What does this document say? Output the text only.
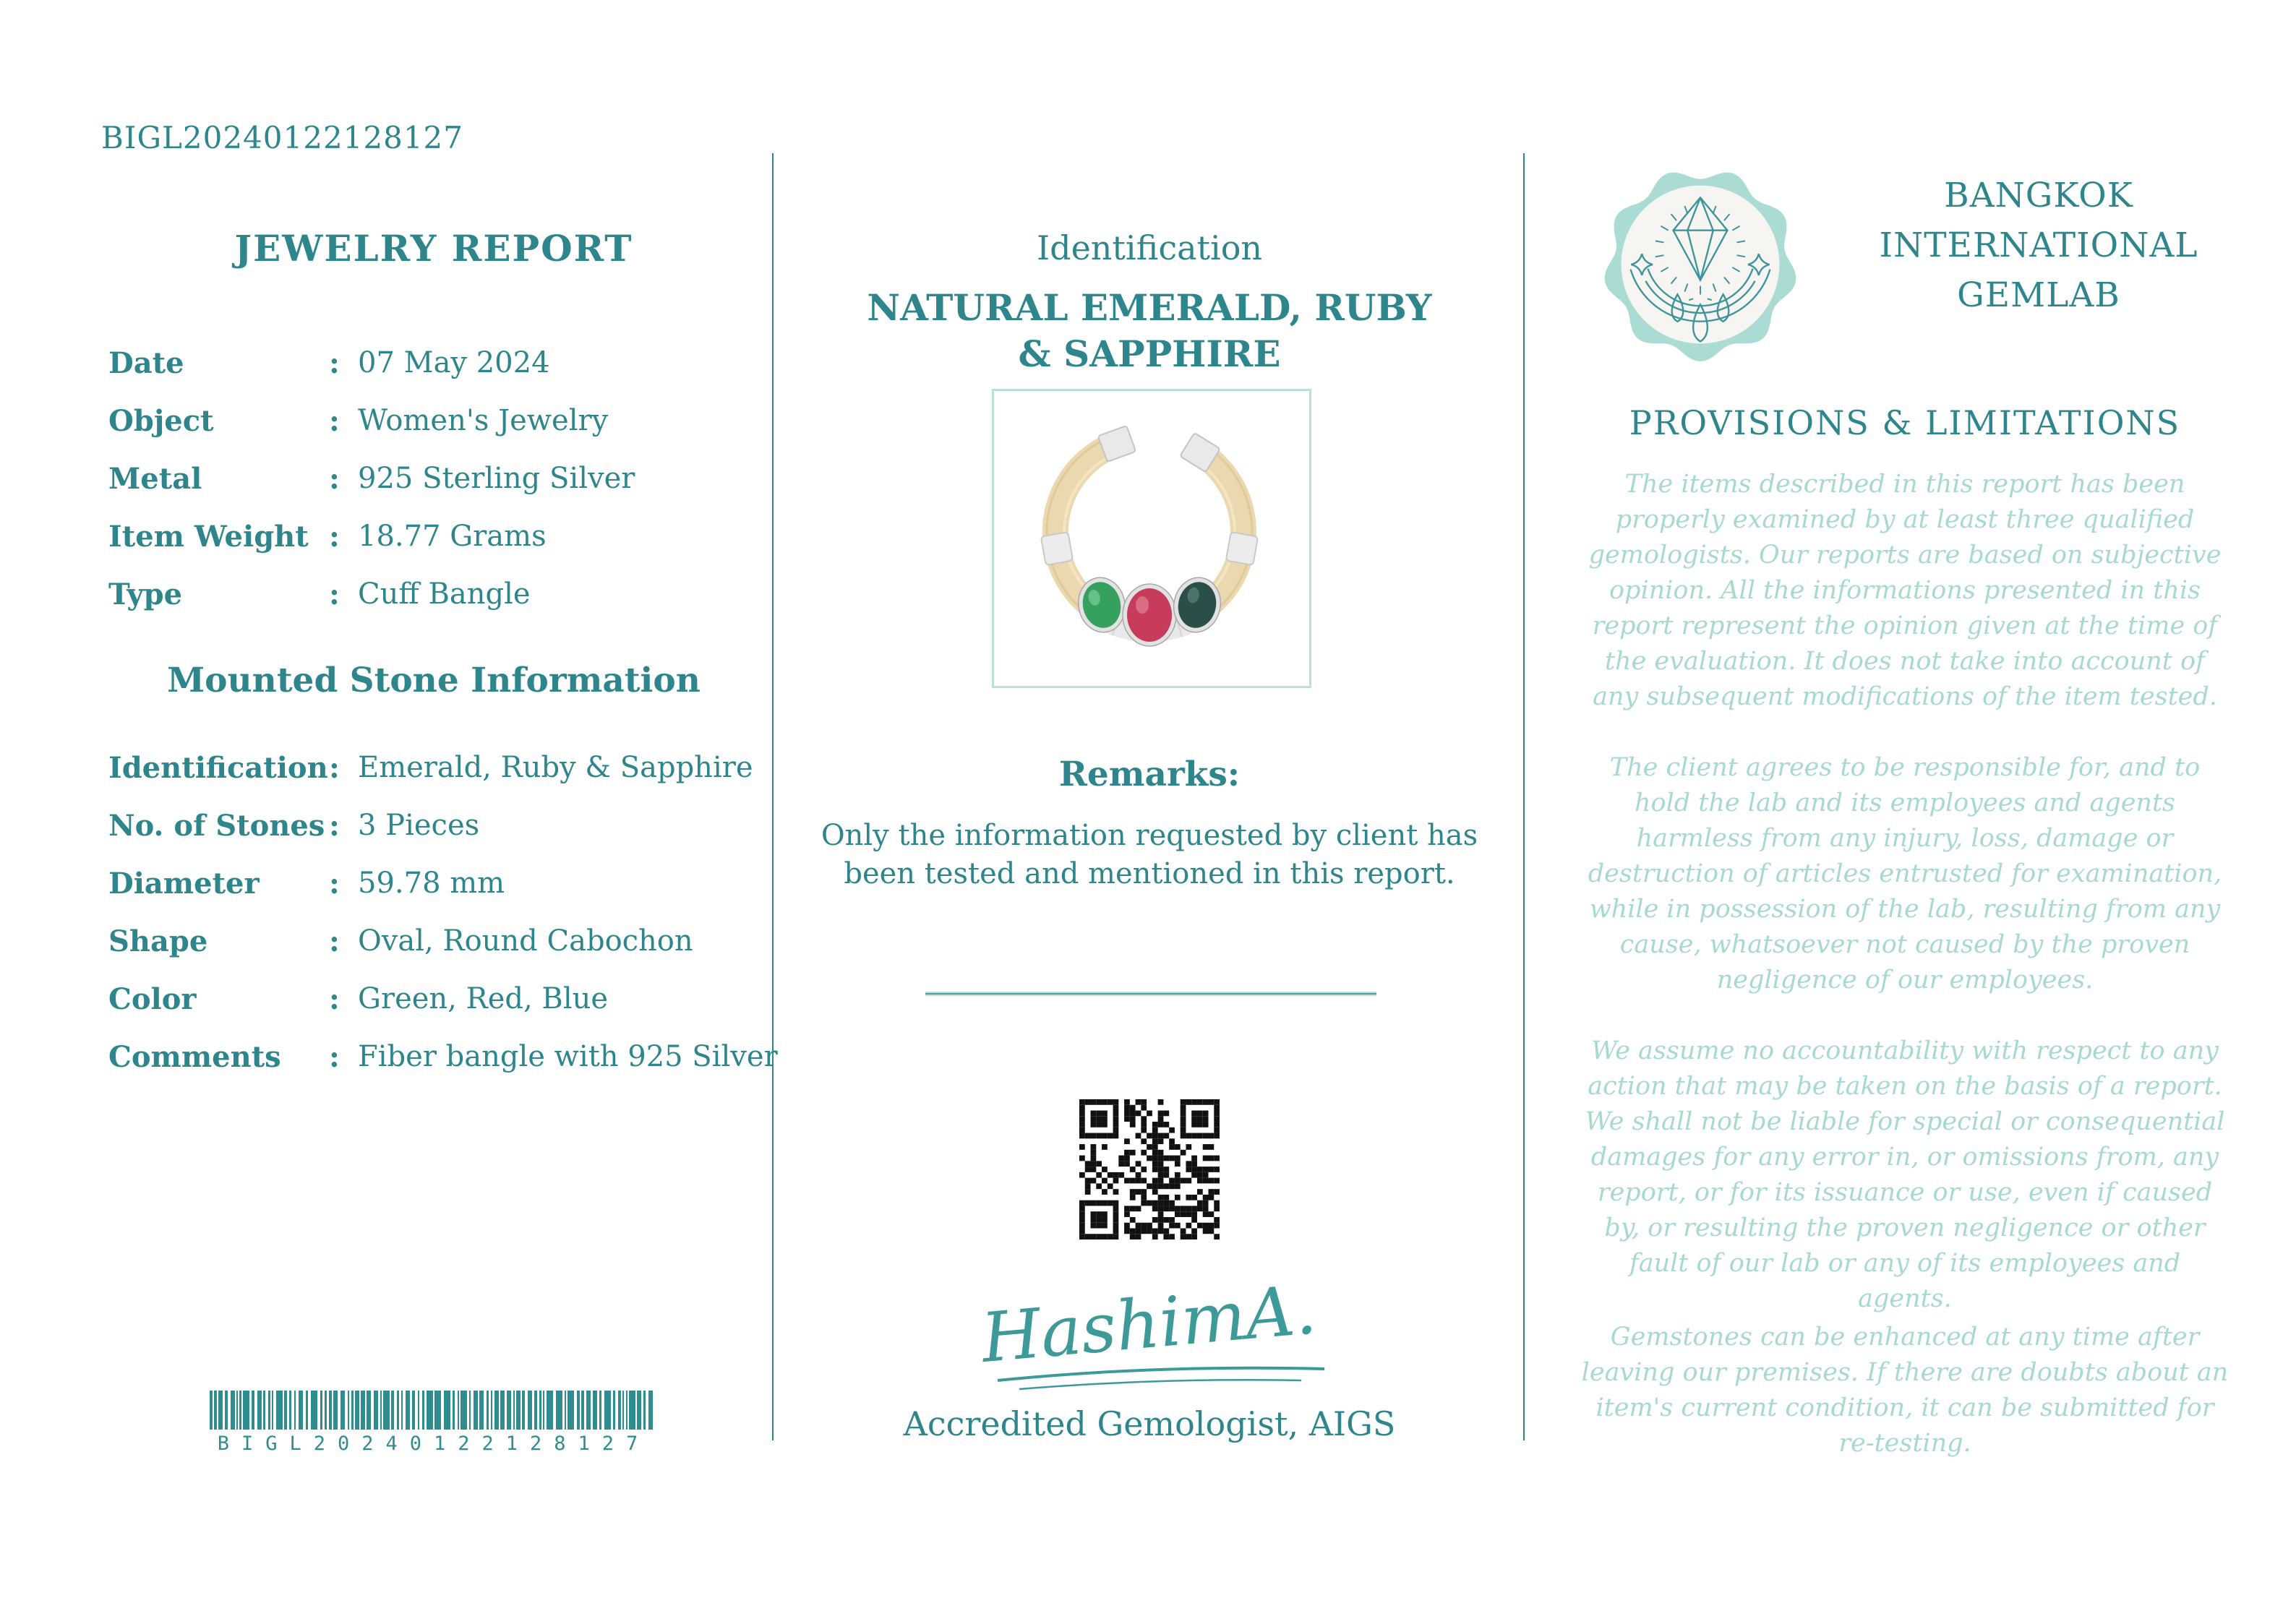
BIGL20240122128127
JEWELRY REPORT
Date	: 07 May 2024
Object	: Women's Jewelry
Metal	: 925 Sterling Silver
Item Weight : 18.77 Grams
Type	: Cuff Bangle
Mounted Stone Information
Identification : Emerald, Ruby & Sapphire
No. of Stones : 3 Pieces
Diameter	: 59.78 mm
Shape	: Oval, Round Cabochon
Color	: Green, Red, Blue
Comments	: Fiber bangle with 925 Silver
BIGL20240122128127
Identification
NATURAL EMERALD, RUBY
& SAPPHIRE
Remarks:
Only the information requested by client has been tested and mentioned in this report.
HashimA.
Accredited Gemologist, AIGS
BANGKOK
INTERNATIONAL
GEMLAB
PROVISIONS & LIMITATIONS
The items described in this report has been properly examined by at least three qualified gemologists. Our reports are based on subjective opinion. All the informations presented in this report represent the opinion given at the time of the evaluation. It does not take into account of any subsequent modifications of the item tested.
The client agrees to be responsible for, and to hold the lab and its employees and agents harmless from any injury, loss, damage or destruction of articles entrusted for examination, while in possession of the lab, resulting from any cause, whatsoever not caused by the proven negligence of our employees.
We assume no accountability with respect to any action that may be taken on the basis of a report. We shall not be liable for special or consequential damages for any error in, or omissions from, any report, or for its issuance or use, even if caused by, or resulting the proven negligence or other fault of our lab or any of its employees and agents.
Gemstones can be enhanced at any time after leaving our premises. If there are doubts about an item's current condition, it can be submitted for re-testing.
